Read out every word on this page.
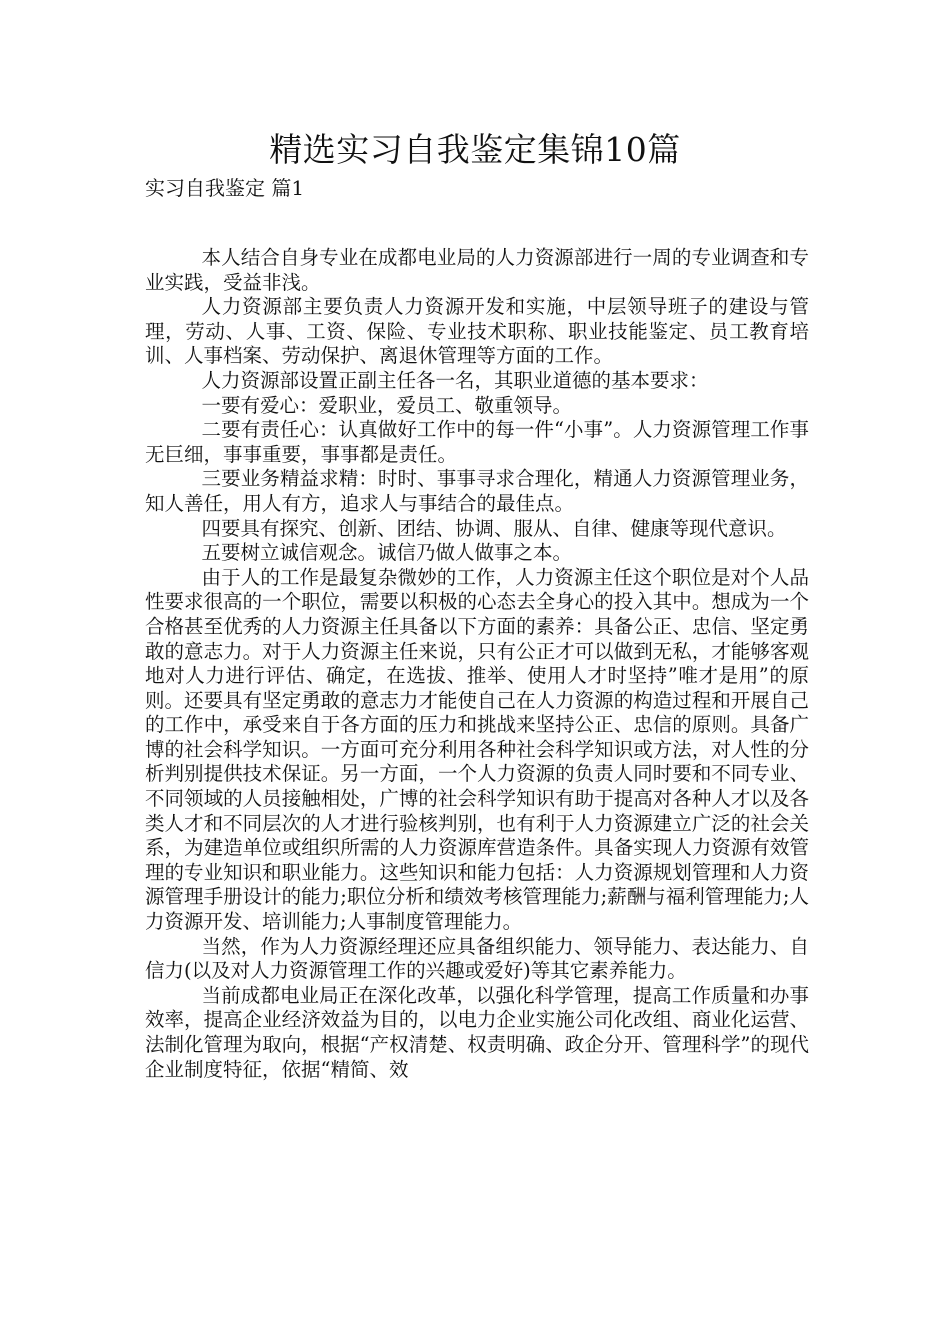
精选实习自我鉴定集锦10篇
实习自我鉴定 篇1

本人结合自身专业在成都电业局的人力资源部进行一周的专业调查和专业实践，受益非浅。

人力资源部主要负责人力资源开发和实施，中层领导班子的建设与管理，劳动、人事、工资、保险、专业技术职称、职业技能鉴定、员工教育培训、人事档案、劳动保护、离退休管理等方面的工作。

人力资源部设置正副主任各一名，其职业道德的基本要求：

一要有爱心：爱职业，爱员工、敬重领导。

二要有责任心：认真做好工作中的每一件“小事”。人力资源管理工作事无巨细，事事重要，事事都是责任。

三要业务精益求精：时时、事事寻求合理化，精通人力资源管理业务，知人善任，用人有方，追求人与事结合的最佳点。

四要具有探究、创新、团结、协调、服从、自律、健康等现代意识。

五要树立诚信观念。诚信乃做人做事之本。

由于人的工作是最复杂微妙的工作，人力资源主任这个职位是对个人品性要求很高的一个职位，需要以积极的心态去全身心的投入其中。想成为一个合格甚至优秀的人力资源主任具备以下方面的素养：具备公正、忠信、坚定勇敢的意志力。对于人力资源主任来说，只有公正才可以做到无私，才能够客观地对人力进行评估、确定，在选拔、推举、使用人才时坚持”唯才是用”的原则。还要具有坚定勇敢的意志力才能使自己在人力资源的构造过程和开展自己的工作中，承受来自于各方面的压力和挑战来坚持公正、忠信的原则。具备广博的社会科学知识。一方面可充分利用各种社会科学知识或方法，对人性的分析判别提供技术保证。另一方面，一个人力资源的负责人同时要和不同专业、不同领域的人员接触相处，广博的社会科学知识有助于提高对各种人才以及各类人才和不同层次的人才进行验核判别，也有利于人力资源建立广泛的社会关系，为建造单位或组织所需的人力资源库营造条件。具备实现人力资源有效管理的专业知识和职业能力。这些知识和能力包括：人力资源规划管理和人力资源管理手册设计的能力;职位分析和绩效考核管理能力;薪酬与福利管理能力;人力资源开发、培训能力;人事制度管理能力。

当然，作为人力资源经理还应具备组织能力、领导能力、表达能力、自信力(以及对人力资源管理工作的兴趣或爱好)等其它素养能力。

当前成都电业局正在深化改革，以强化科学管理，提高工作质量和办事效率，提高企业经济效益为目的，以电力企业实施公司化改组、商业化运营、法制化管理为取向，根据“产权清楚、权责明确、政企分开、管理科学”的现代企业制度特征，依据“精简、效
